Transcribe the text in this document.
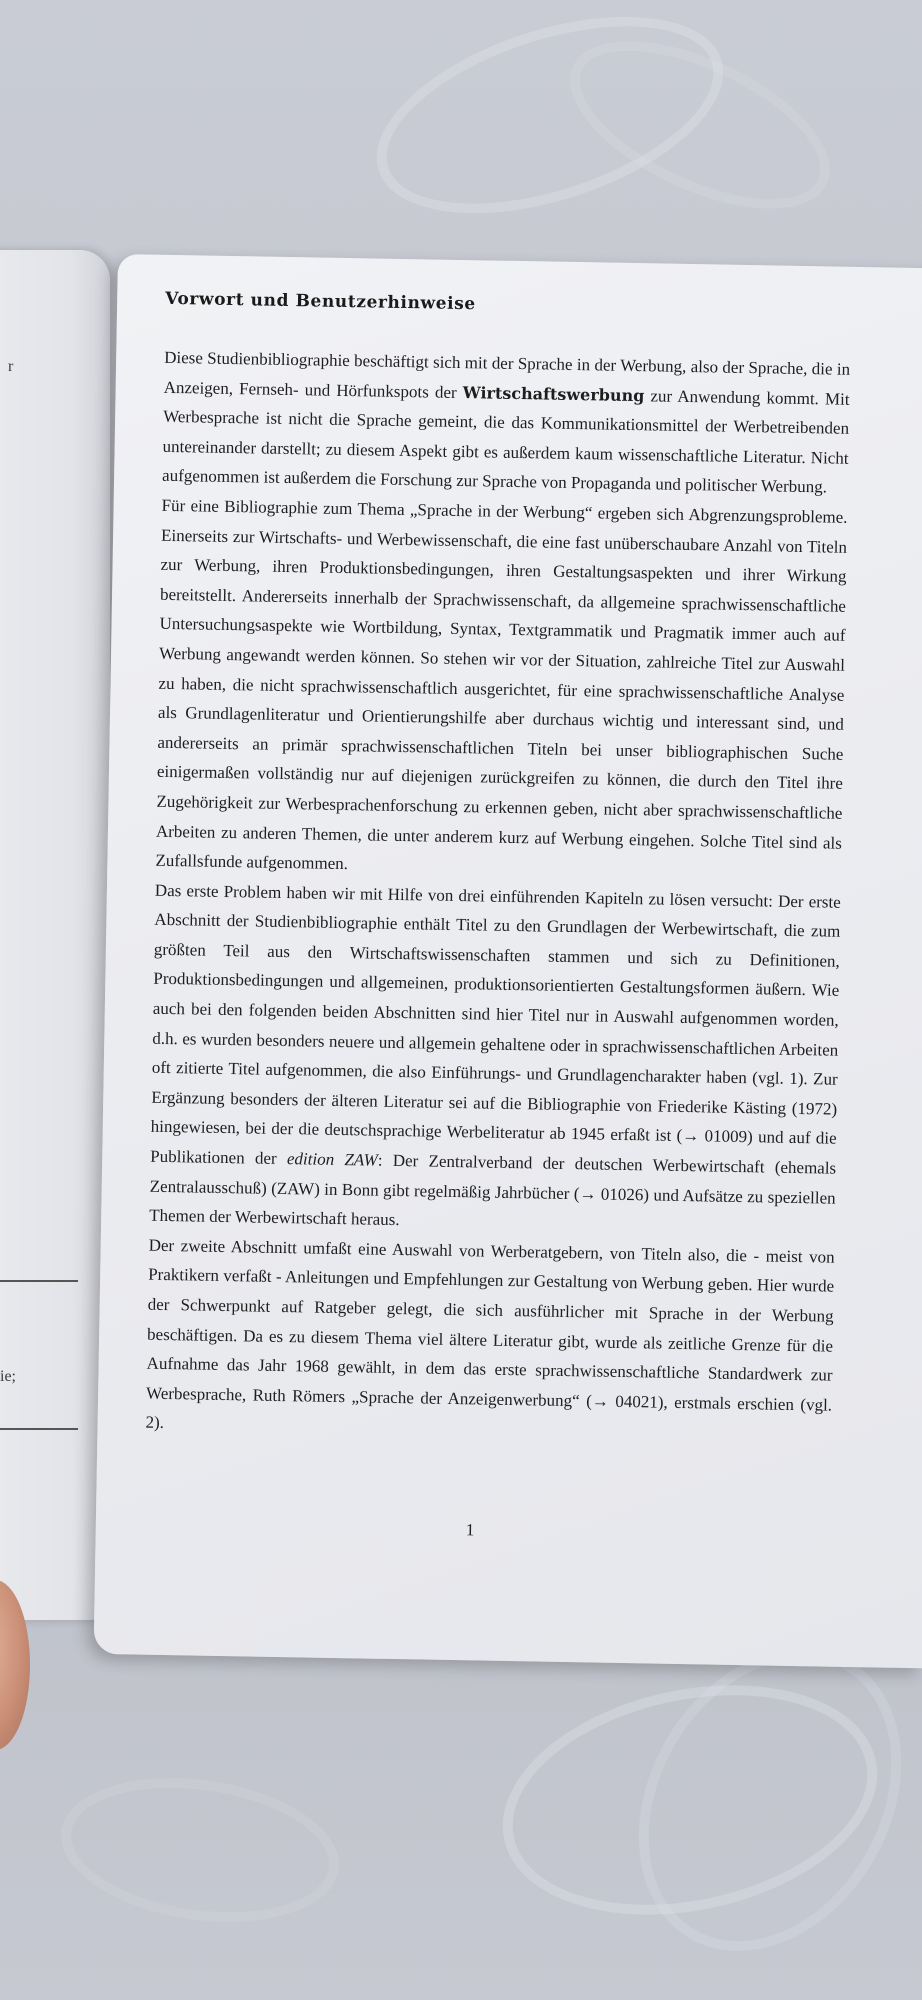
r
ie;
Vorwort und Benutzerhinweise

Diese Studienbibliographie beschäftigt sich mit der Sprache in der Werbung, also der Sprache, die in Anzeigen, Fernseh- und Hörfunkspots der Wirtschaftswerbung zur Anwendung kommt. Mit Werbesprache ist nicht die Sprache gemeint, die das Kommunikationsmittel der Werbetreibenden untereinander darstellt; zu diesem Aspekt gibt es außerdem kaum wissenschaftliche Literatur. Nicht aufgenommen ist außerdem die Forschung zur Sprache von Propaganda und politischer Werbung.

Für eine Bibliographie zum Thema „Sprache in der Werbung“ ergeben sich Abgrenzungsprobleme. Einerseits zur Wirtschafts- und Werbewissenschaft, die eine fast unüberschaubare Anzahl von Titeln zur Werbung, ihren Produktionsbedingungen, ihren Gestaltungsaspekten und ihrer Wirkung bereitstellt. Andererseits innerhalb der Sprachwissenschaft, da allgemeine sprachwissenschaftliche Untersuchungsaspekte wie Wortbildung, Syntax, Textgrammatik und Pragmatik immer auch auf Werbung angewandt werden können. So stehen wir vor der Situation, zahlreiche Titel zur Auswahl zu haben, die nicht sprachwissenschaftlich ausgerichtet, für eine sprachwissenschaftliche Analyse als Grundlagenliteratur und Orientierungshilfe aber durchaus wichtig und interessant sind, und andererseits an primär sprachwissenschaftlichen Titeln bei unser bibliographischen Suche einigermaßen vollständig nur auf diejenigen zurückgreifen zu können, die durch den Titel ihre Zugehörigkeit zur Werbesprachenforschung zu erkennen geben, nicht aber sprachwissenschaftliche Arbeiten zu anderen Themen, die unter anderem kurz auf Werbung eingehen. Solche Titel sind als Zufallsfunde aufgenommen.

Das erste Problem haben wir mit Hilfe von drei einführenden Kapiteln zu lösen versucht: Der erste Abschnitt der Studienbibliographie enthält Titel zu den Grundlagen der Werbewirtschaft, die zum größten Teil aus den Wirtschaftswissenschaften stammen und sich zu Definitionen, Produktionsbedingungen und allgemeinen, produktionsorientierten Gestaltungsformen äußern. Wie auch bei den folgenden beiden Abschnitten sind hier Titel nur in Auswahl aufgenommen worden, d.h. es wurden besonders neuere und allgemein gehaltene oder in sprachwissenschaftlichen Arbeiten oft zitierte Titel aufgenommen, die also Einführungs- und Grundlagencharakter haben (vgl. 1). Zur Ergänzung besonders der älteren Literatur sei auf die Bibliographie von Friederike Kästing (1972) hingewiesen, bei der die deutschsprachige Werbeliteratur ab 1945 erfaßt ist (→ 01009) und auf die Publikationen der edition ZAW: Der Zentralverband der deutschen Werbewirtschaft (ehemals Zentralausschuß) (ZAW) in Bonn gibt regelmäßig Jahrbücher (→ 01026) und Aufsätze zu speziellen Themen der Werbewirtschaft heraus.

Der zweite Abschnitt umfaßt eine Auswahl von Werberatgebern, von Titeln also, die - meist von Praktikern verfaßt - Anleitungen und Empfehlungen zur Gestaltung von Werbung geben. Hier wurde der Schwerpunkt auf Ratgeber gelegt, die sich ausführlicher mit Sprache in der Werbung beschäftigen. Da es zu diesem Thema viel ältere Literatur gibt, wurde als zeitliche Grenze für die Aufnahme das Jahr 1968 gewählt, in dem das erste sprachwissenschaftliche Standardwerk zur Werbesprache, Ruth Römers „Sprache der Anzeigenwerbung“ (→ 04021), erstmals erschien (vgl. 2).

1
